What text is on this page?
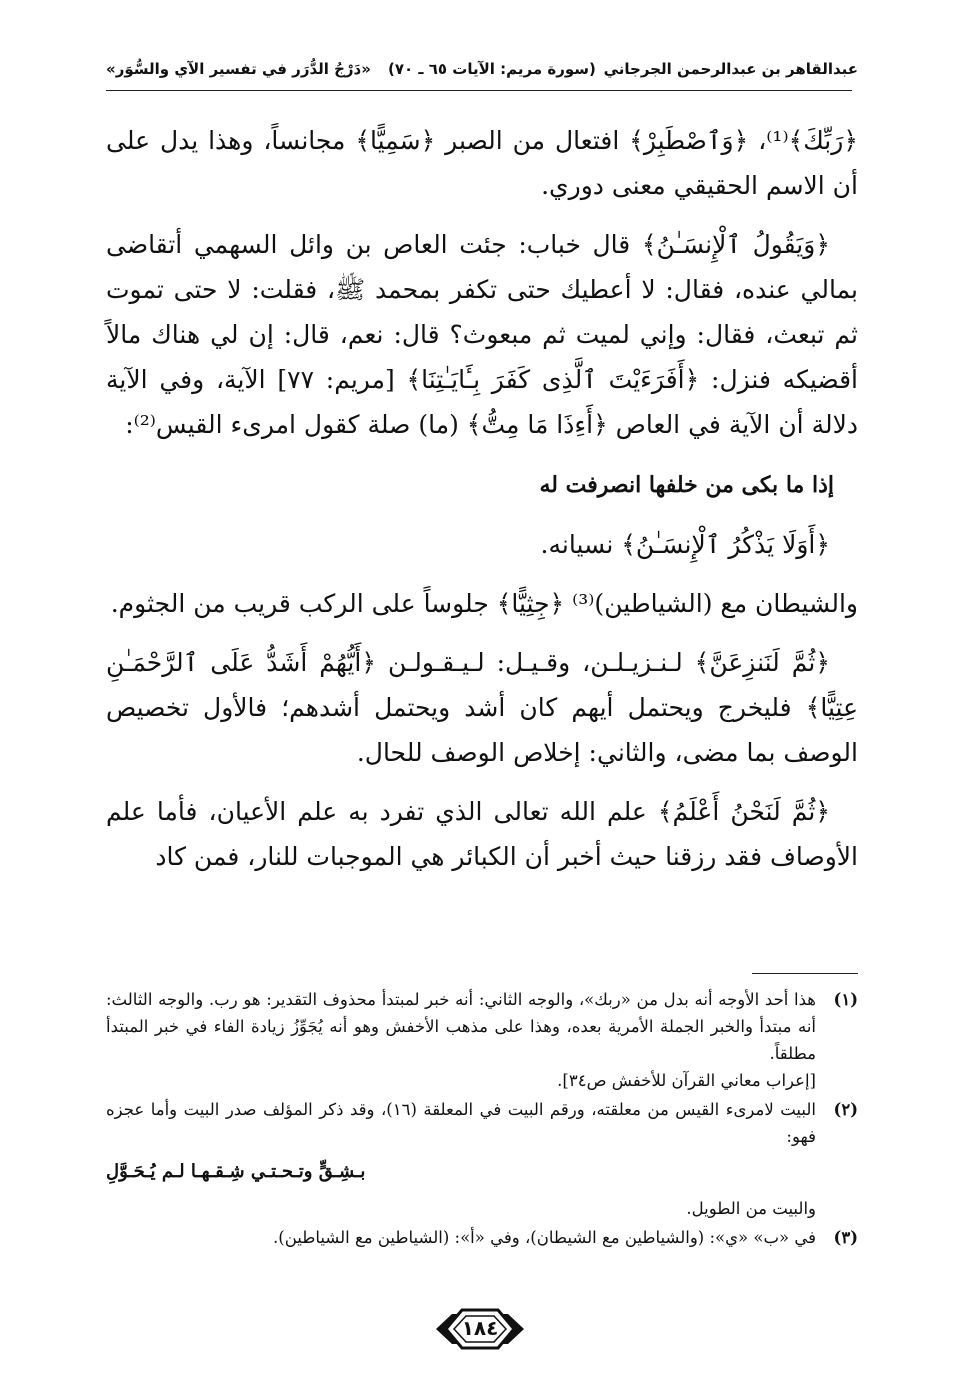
عبدالقاهر بن عبدالرحمن الجرجاني
(سورة مريم: الآيات ٦٥ ـ ٧٠)
«دَرْجُ الدُّرَر في تفسير الآي والسُّوَر»

﴿رَبِّكَ﴾⁽¹⁾، ﴿وَٱصْطَبِرْ﴾ افتعال من الصبر ﴿سَمِيًّا﴾ مجانساً، وهذا يدل على أن الاسم الحقيقي معنى دوري.

﴿وَيَقُولُ ٱلْإِنسَـٰنُ﴾ قال خباب: جئت العاص بن وائل السهمي أتقاضى بمالي عنده، فقال: لا أعطيك حتى تكفر بمحمد ﷺ، فقلت: لا حتى تموت ثم تبعث، فقال: وإني لميت ثم مبعوث؟ قال: نعم، قال: إن لي هناك مالاً أقضيكه فنزل: ﴿أَفَرَءَيْتَ ٱلَّذِى كَفَرَ بِـَٔايَـٰتِنَا﴾ [مريم: ٧٧] الآية، وفي الآية دلالة أن الآية في العاص ﴿أَءِذَا مَا مِتُّ﴾ (ما) صلة كقول امرىء القيس⁽²⁾:

إذا ما بكى من خلفها انصرفت له

﴿أَوَلَا يَذْكُرُ ٱلْإِنسَـٰنُ﴾ نسيانه.

والشيطان مع (الشياطين)⁽³⁾ ﴿جِثِيًّا﴾ جلوساً على الركب قريب من الجثوم.

﴿ثُمَّ لَنَنزِعَنَّ﴾ لـنـزيـلـن، وقـيـل: لـيـقـولـن ﴿أَيُّهُمْ أَشَدُّ عَلَى ٱلرَّحْمَـٰنِ عِتِيًّا﴾ فليخرج ويحتمل أيهم كان أشد ويحتمل أشدهم؛ فالأول تخصيص الوصف بما مضى، والثاني: إخلاص الوصف للحال.

﴿ثُمَّ لَنَحْنُ أَعْلَمُ﴾ علم الله تعالى الذي تفرد به علم الأعيان، فأما علم الأوصاف فقد رزقنا حيث أخبر أن الكبائر هي الموجبات للنار، فمن كاد

(١)
هذا أحد الأوجه أنه بدل من «ربك»، والوجه الثاني: أنه خبر لمبتدأ محذوف التقدير: هو رب. والوجه الثالث: أنه مبتدأ والخبر الجملة الأمرية بعده، وهذا على مذهب الأخفش وهو أنه يُجَوِّزُ زيادة الفاء في خبر المبتدأ مطلقاً.
[إعراب معاني القرآن للأخفش ص٣٤].
(٢)
البيت لامرىء القيس من معلقته، ورقم البيت في المعلقة (١٦)، وقد ذكر المؤلف صدر البيت وأما عجزه فهو:
بـشِـقٍّ وتـحـتـي شِـقـهـا لـم يُـحَـوَّلِ
والبيت من الطويل.
(٣)
في «ب» «ي»: (والشياطين مع الشيطان)، وفي «أ»: (الشياطين مع الشياطين).
١٨٤
